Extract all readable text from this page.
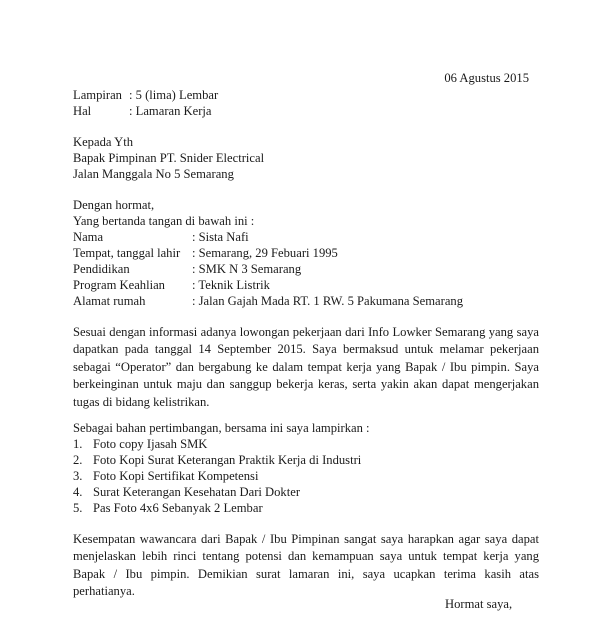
06 Agustus 2015
Lampiran : 5 (lima) Lembar
Hal	: Lamaran Kerja
Kepada Yth
Bapak Pimpinan PT. Snider Electrical
Jalan Manggala No 5 Semarang
Dengan hormat,
Yang bertanda tangan di bawah ini :
Nama	: Sista Nafi
Tempat, tanggal lahir : Semarang, 29 Febuari 1995
Pendidikan	: SMK N 3 Semarang
Program Keahlian : Teknik Listrik
Alamat rumah	: Jalan Gajah Mada RT. 1 RW. 5 Pakumana Semarang
Sesuai dengan informasi adanya lowongan pekerjaan dari Info Lowker Semarang yang saya dapatkan pada tanggal 14 September 2015. Saya bermaksud untuk melamar pekerjaan sebagai “Operator” dan bergabung ke dalam tempat kerja yang Bapak / Ibu pimpin. Saya berkeinginan untuk maju dan sanggup bekerja keras, serta yakin akan dapat mengerjakan tugas di bidang kelistrikan.
Sebagai bahan pertimbangan, bersama ini saya lampirkan :
1. Foto copy Ijasah SMK
2. Foto Kopi Surat Keterangan Praktik Kerja di Industri
3. Foto Kopi Sertifikat Kompetensi
4. Surat Keterangan Kesehatan Dari Dokter
5. Pas Foto 4x6 Sebanyak 2 Lembar
Kesempatan wawancara dari Bapak / Ibu Pimpinan sangat saya harapkan agar saya dapat menjelaskan lebih rinci tentang potensi dan kemampuan saya untuk tempat kerja yang Bapak / Ibu pimpin. Demikian surat lamaran ini, saya ucapkan terima kasih atas perhatianya.
Hormat saya,
